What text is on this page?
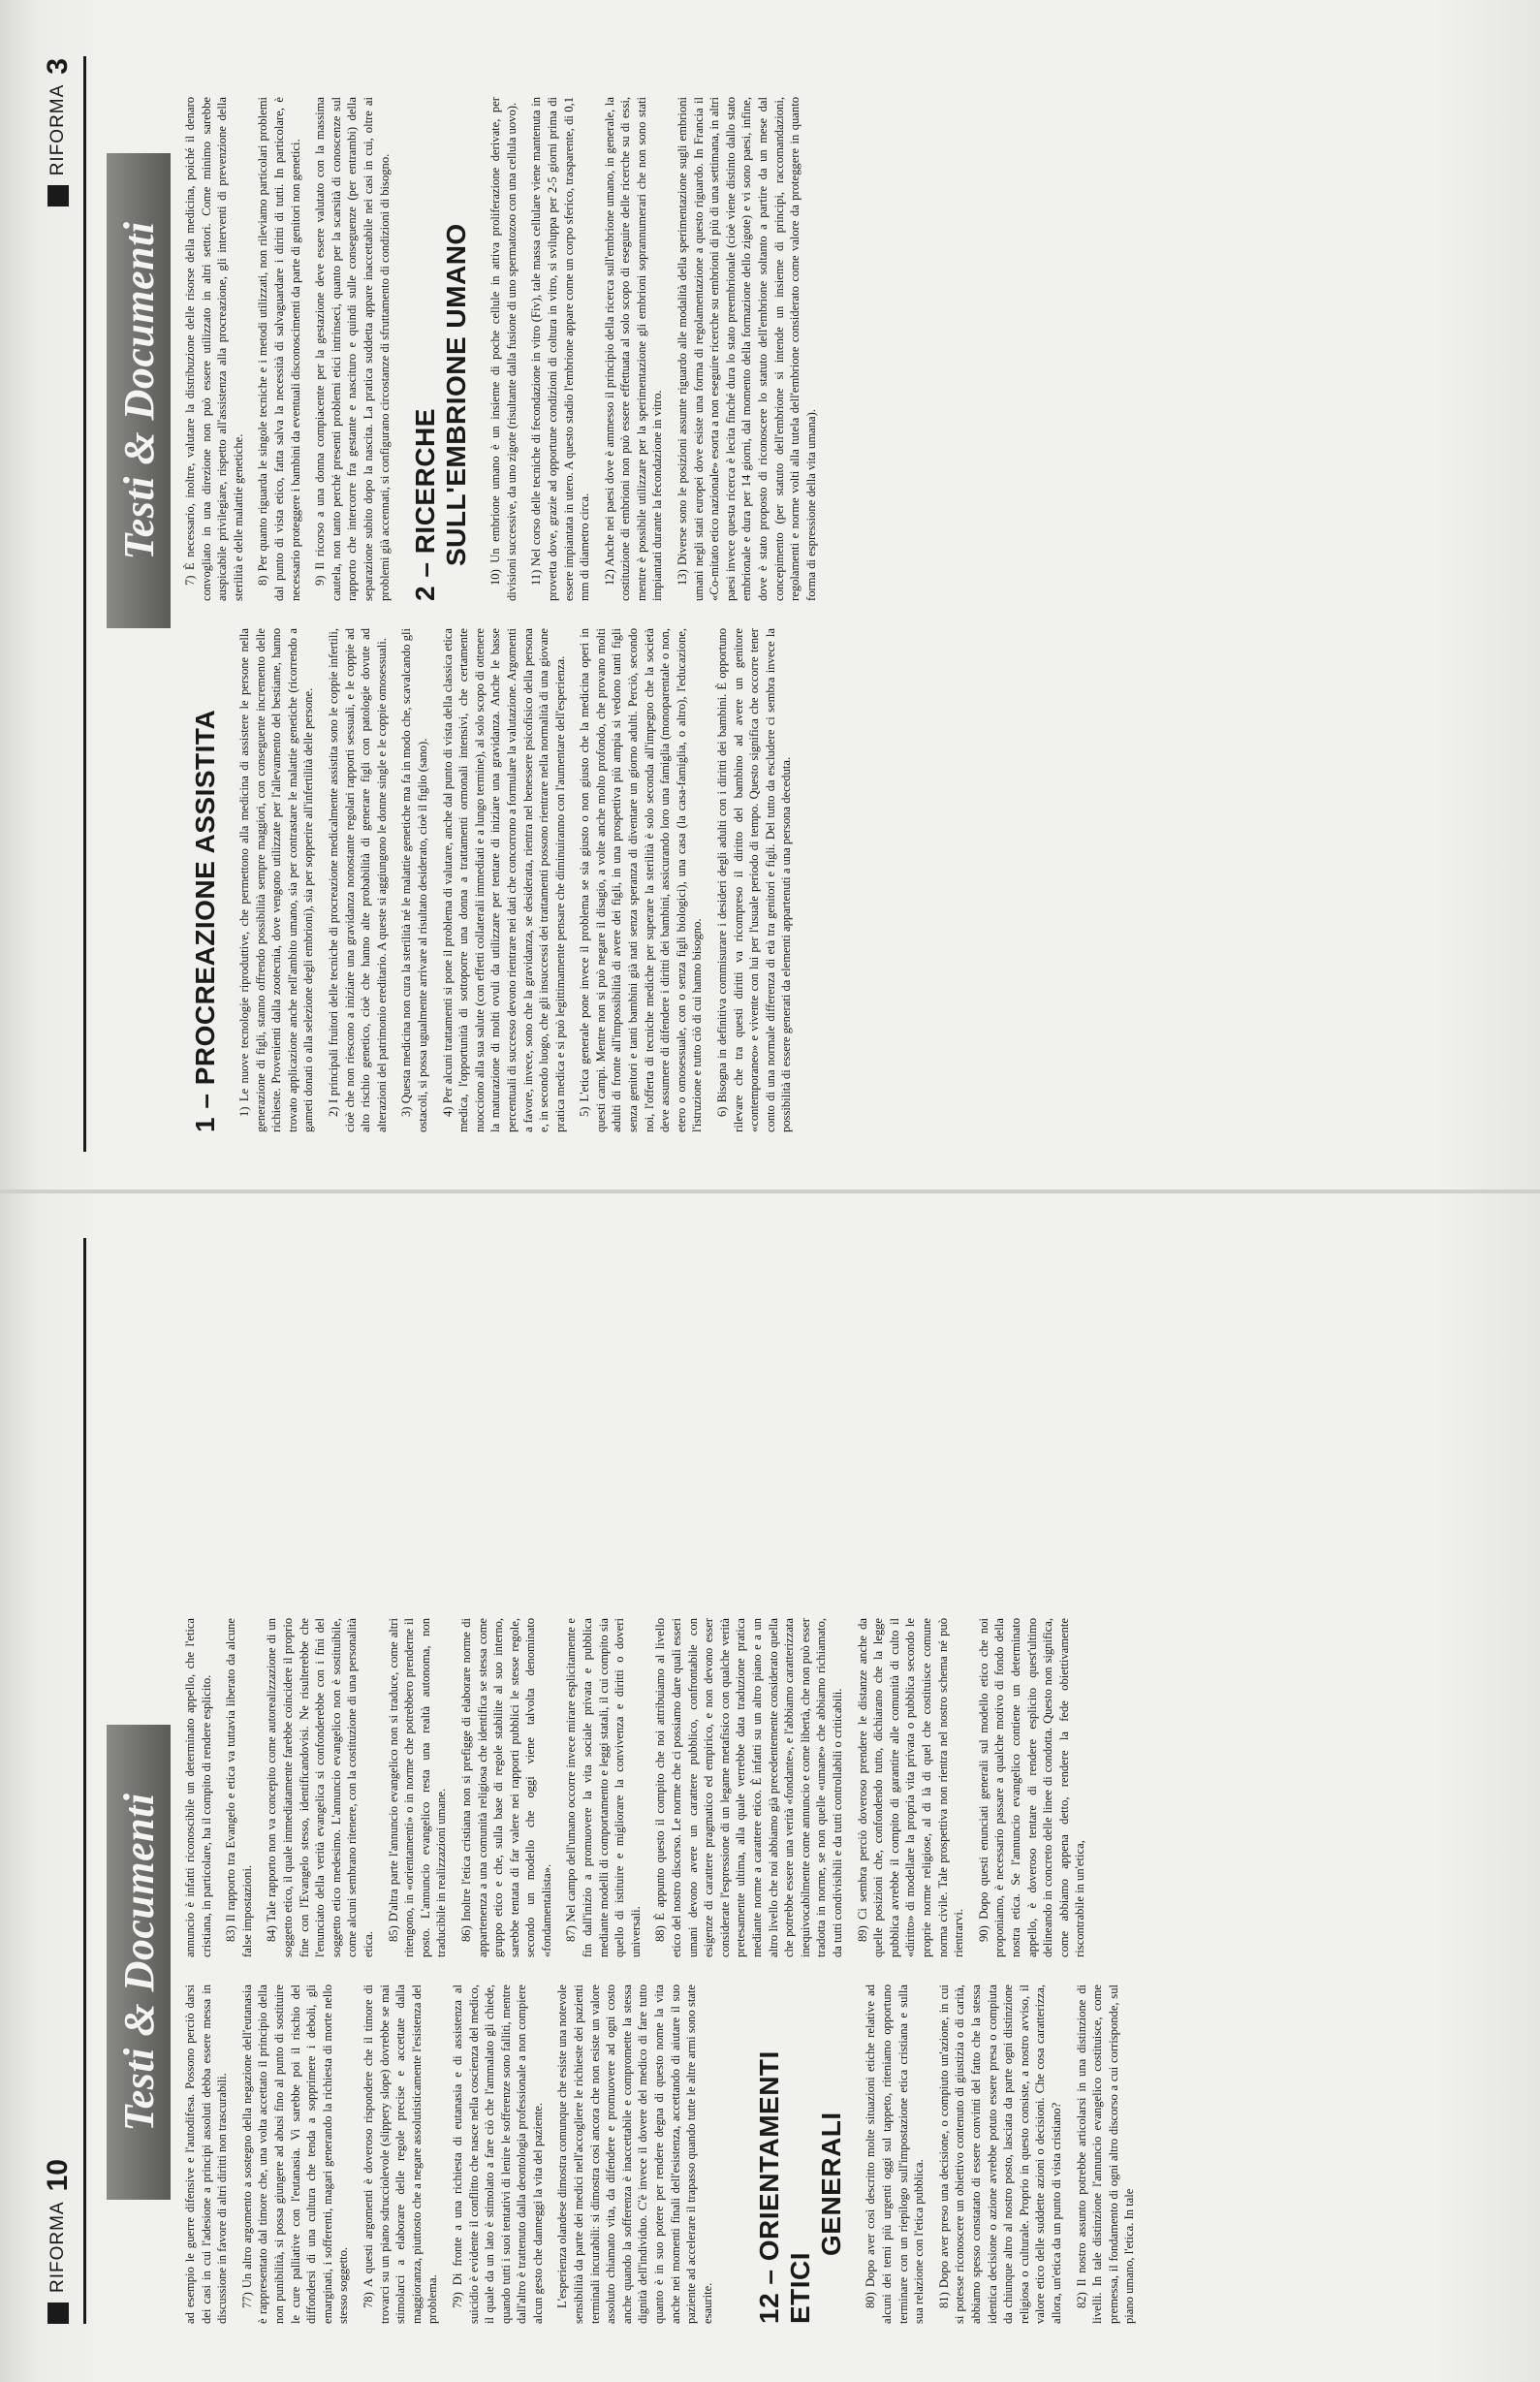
RIFORMA
10
Testi & Documenti

ad esempio le guerre difensive e l'autodifesa. Possono perciò darsi dei casi in cui l'adesione a principi assoluti debba essere messa in discussione in favore di altri diritti non trascurabili. 77) Un altro argomento a sostegno della negazione dell'eutanasia è rappresentato dal timore che, una volta accettato il principio della non punibilità, si possa giungere ad abusi fino al punto di sostituire le cure palliative con l'eutanasia. Vi sarebbe poi il rischio del diffondersi di una cultura che tenda a sopprimere i deboli, gli emarginati, i sofferenti, magari generando la richiesta di morte nello stesso soggetto. 78) A questi argomenti è doveroso rispondere che il timore di trovarci su un piano sdrucciolevole (slippery slope) dovrebbe se mai stimolarci a elaborare delle regole precise e accettate dalla maggioranza, piuttosto che a negare assolutisticamente l'esistenza del problema. 79) Di fronte a una richiesta di eutanasia e di assistenza al suicidio è evidente il conflitto che nasce nella coscienza del medico, il quale da un lato è stimolato a fare ciò che l'ammalato gli chiede, quando tutti i suoi tentativi di lenire le sofferenze sono falliti, mentre dall'altro è trattenuto dalla deontologia professionale a non compiere alcun gesto che danneggi la vita del paziente. L'esperienza olandese dimostra comunque che esiste una notevole sensibilità da parte dei medici nell'accogliere le richieste dei pazienti terminali incurabili: si dimostra così ancora che non esiste un valore assoluto chiamato vita, da difendere e promuovere ad ogni costo anche quando la sofferenza è inaccettabile e compromette la stessa dignità dell'individuo. C'è invece il dovere del medico di fare tutto quanto è in suo potere per rendere degna di questo nome la vita anche nei momenti finali dell'esistenza, accettando di aiutare il suo paziente ad accelerare il trapasso quando tutte le altre armi sono state esaurite. 12 – ORIENTAMENTI ETICI
GENERALI 80) Dopo aver così descritto molte situazioni etiche relative ad alcuni dei temi più urgenti oggi sul tappeto, riteniamo opportuno terminare con un riepilogo sull'impostazione etica cristiana e sulla sua relazione con l'etica pubblica. 81) Dopo aver preso una decisione, o compiuto un'azione, in cui si potesse riconoscere un obiettivo contenuto di giustizia o di carità, abbiamo spesso constatato di essere convinti del fatto che la stessa identica decisione o azione avrebbe potuto essere presa o compiuta da chiunque altro al nostro posto, lasciata da parte ogni distinzione religiosa o culturale. Proprio in questo consiste, a nostro avviso, il valore etico delle suddette azioni o decisioni. Che cosa caratterizza, allora, un'etica da un punto di vista cristiano? 82) Il nostro assunto potrebbe articolarsi in una distinzione di livelli. In tale distinzione l'annuncio evangelico costituisce, come premessa, il fondamento di ogni altro discorso a cui corrisponde, sul piano umano, l'etica. In tale

annuncio è infatti riconoscibile un determinato appello, che l'etica cristiana, in particolare, ha il compito di rendere esplicito. 83) Il rapporto tra Evangelo e etica va tuttavia liberato da alcune false impostazioni. 84) Tale rapporto non va concepito come autorealizzazione di un soggetto etico, il quale immediatamente farebbe coincidere il proprio fine con l'Evangelo stesso, identificandovisi. Ne risulterebbe che l'enunciato della verità evangelica si confonderebbe con i fini del soggetto etico medesimo. L'annuncio evangelico non è sostituibile, come alcuni sembrano ritenere, con la costituzione di una personalità etica.

85) D'altra parte l'annuncio evangelico non si traduce, come altri ritengono, in «orientamenti» o in norme che potrebbero prenderne il posto. L'annuncio evangelico resta una realtà autonoma, non traducibile in realizzazioni umane. 86) Inoltre l'etica cristiana non si prefigge di elaborare norme di appartenenza a una comunità religiosa che identifica se stessa come gruppo etico e che, sulla base di regole stabilite al suo interno, sarebbe tentata di far valere nei rapporti pubblici le stesse regole, secondo un modello che oggi viene talvolta denominato «fondamentalista». 87) Nel campo dell'umano occorre invece mirare esplicitamente e fin dall'inizio a promuovere la vita sociale privata e pubblica mediante modelli di comportamento e leggi statali, il cui compito sia quello di istituire e migliorare la convivenza e diritti o doveri universali. 88) È appunto questo il compito che noi attribuiamo al livello etico del nostro discorso. Le norme che ci possiamo dare quali esseri umani devono avere un carattere pubblico, confrontabile con esigenze di carattere pragmatico ed empirico, e non devono esser considerate l'espressione di un legame metafisico con qualche verità pretesamente ultima, alla quale verrebbe data traduzione pratica mediante norme a carattere etico. È infatti su un altro piano e a un altro livello che noi abbiamo già precedentemente considerato quella che potrebbe essere una verità «fondante», e l'abbiamo caratterizzata inequivocabilmente come annuncio e come libertà, che non può esser tradotta in norme, se non quelle «umane» che abbiamo richiamato, da tutti condivisibili e da tutti controllabili o criticabili. 89) Ci sembra perciò doveroso prendere le distanze anche da quelle posizioni che, confondendo tutto, dichiarano che la legge pubblica avrebbe il compito di garantire alle comunità di culto il «diritto» di modellare la propria vita privata o pubblica secondo le proprie norme religiose, al di là di quel che costituisce comune norma civile. Tale prospettiva non rientra nel nostro schema né può rientrarvi. 90) Dopo questi enunciati generali sul modello etico che noi proponiamo, è necessario passare a qualche motivo di fondo della nostra etica. Se l'annuncio evangelico contiene un determinato appello, è doveroso tentare di rendere esplicito quest'ultimo delineando in concreto delle linee di condotta. Questo non significa, come abbiamo appena detto, rendere la fede obiettivamente riscontrabile in un'etica,

RIFORMA
3
Testi & Documenti
1 – PROCREAZIONE ASSISTITA 1) Le nuove tecnologie riproduttive, che permettono alla medicina di assistere le persone nella generazione di figli, stanno offrendo possibilità sempre maggiori, con conseguente incremento delle richieste. Provenienti dalla zootecnia, dove vengono utilizzate per l'allevamento del bestiame, hanno trovato applicazione anche nell'ambito umano, sia per contrastare le malattie genetiche (ricorrendo a gameti donati o alla selezione degli embrioni), sia per sopperire all'infertilità delle persone. 2) I principali fruitori delle tecniche di procreazione medicalmente assistita sono le coppie infertili, cioè che non riescono a iniziare una gravidanza nonostante regolari rapporti sessuali, e le coppie ad alto rischio genetico, cioè che hanno alte probabilità di generare figli con patologie dovute ad alterazioni del patrimonio ereditario. A queste si aggiungono le donne single e le coppie omosessuali. 3) Questa medicina non cura la sterilità né le malattie genetiche ma fa in modo che, scavalcando gli ostacoli, si possa ugualmente arrivare al risultato desiderato, cioè il figlio (sano). 4) Per alcuni trattamenti si pone il problema di valutare, anche dal punto di vista della classica etica medica, l'opportunità di sottoporre una donna a trattamenti ormonali intensivi, che certamente nuocciono alla sua salute (con effetti collaterali immediati e a lungo termine), al solo scopo di ottenere la maturazione di molti ovuli da utilizzare per tentare di iniziare una gravidanza. Anche le basse percentuali di successo devono rientrare nei dati che concorrono a formulare la valutazione. Argomenti a favore, invece, sono che la gravidanza, se desiderata, rientra nel benessere psicofisico della persona e, in secondo luogo, che gli insuccessi dei trattamenti possono rientrare nella normalità di una giovane pratica medica e si può legittimamente pensare che diminuiranno con l'aumentare dell'esperienza. 5) L'etica generale pone invece il problema se sia giusto o non giusto che la medicina operi in questi campi. Mentre non si può negare il disagio, a volte anche molto profondo, che provano molti adulti di fronte all'impossibilità di avere dei figli, in una prospettiva più ampia si vedono tanti figli senza genitori e tanti bambini già nati senza speranza di diventare un giorno adulti. Perciò, secondo noi, l'offerta di tecniche mediche per superare la sterilità è solo seconda all'impegno che la società deve assumere di difendere i diritti dei bambini, assicurando loro una famiglia (monoparentale o non, etero o omosessuale, con o senza figli biologici), una casa (la casa-famiglia, o altro), l'educazione, l'istruzione e tutto ciò di cui hanno bisogno. 6) Bisogna in definitiva commisurare i desideri degli adulti con i diritti dei bambini. È opportuno rilevare che tra questi diritti va ricompreso il diritto del bambino ad avere un genitore «contemporaneo» e vivente con lui per l'usuale periodo di tempo. Questo significa che occorre tener conto di una normale differenza di età tra genitori e figli. Del tutto da escludere ci sembra invece la possibilità di essere generati da elementi appartenuti a una persona deceduta.

7) È necessario, inoltre, valutare la distribuzione delle risorse della medicina, poiché il denaro convogliato in una direzione non può essere utilizzato in altri settori. Come minimo sarebbe auspicabile privilegiare, rispetto all'assistenza alla procreazione, gli interventi di prevenzione della sterilità e delle malattie genetiche. 8) Per quanto riguarda le singole tecniche e i metodi utilizzati, non rileviamo particolari problemi dal punto di vista etico, fatta salva la necessità di salvaguardare i diritti di tutti. In particolare, è necessario proteggere i bambini da eventuali disconoscimenti da parte di genitori non genetici. 9) Il ricorso a una donna compiacente per la gestazione deve essere valutato con la massima cautela, non tanto perché presenti problemi etici intrinseci, quanto per la scarsità di conoscenze sul rapporto che intercorre fra gestante e nascituro e quindi sulle conseguenze (per entrambi) della separazione subito dopo la nascita. La pratica suddetta appare inaccettabile nei casi in cui, oltre ai problemi già accennati, si configurano circostanze di sfruttamento di condizioni di bisogno. 2 – RICERCHE SULL'EMBRIONE UMANO 10) Un embrione umano è un insieme di poche cellule in attiva proliferazione derivate, per divisioni successive, da uno zigote (risultante dalla fusione di uno spermatozoo con una cellula uovo). 11) Nel corso delle tecniche di fecondazione in vitro (Fiv), tale massa cellulare viene mantenuta in provetta dove, grazie ad opportune condizioni di coltura in vitro, si sviluppa per 2-5 giorni prima di essere impiantata in utero. A questo stadio l'embrione appare come un corpo sferico, trasparente, di 0,1 mm di diametro circa. 12) Anche nei paesi dove è ammesso il principio della ricerca sull'embrione umano, in generale, la costituzione di embrioni non può essere effettuata al solo scopo di eseguire delle ricerche su di essi, mentre è possibile utilizzare per la sperimentazione gli embrioni soprannumerari che non sono stati impiantati durante la fecondazione in vitro. 13) Diverse sono le posizioni assunte riguardo alle modalità della sperimentazione sugli embrioni umani negli stati europei dove esiste una forma di regolamentazione a questo riguardo. In Francia il «Co-mitato etico nazionale» esorta a non eseguire ricerche su embrioni di più di una settimana, in altri paesi invece questa ricerca è lecita finché dura lo stato preembrionale (cioè viene distinto dallo stato embrionale e dura per 14 giorni, dal momento della formazione dello zigote) e vi sono paesi, infine, dove è stato proposto di riconoscere lo statuto dell'embrione soltanto a partire da un mese dal concepimento (per statuto dell'embrione si intende un insieme di principi, raccomandazioni, regolamenti e norme volti alla tutela dell'embrione considerato come valore da proteggere in quanto forma di espressione della vita umana).
